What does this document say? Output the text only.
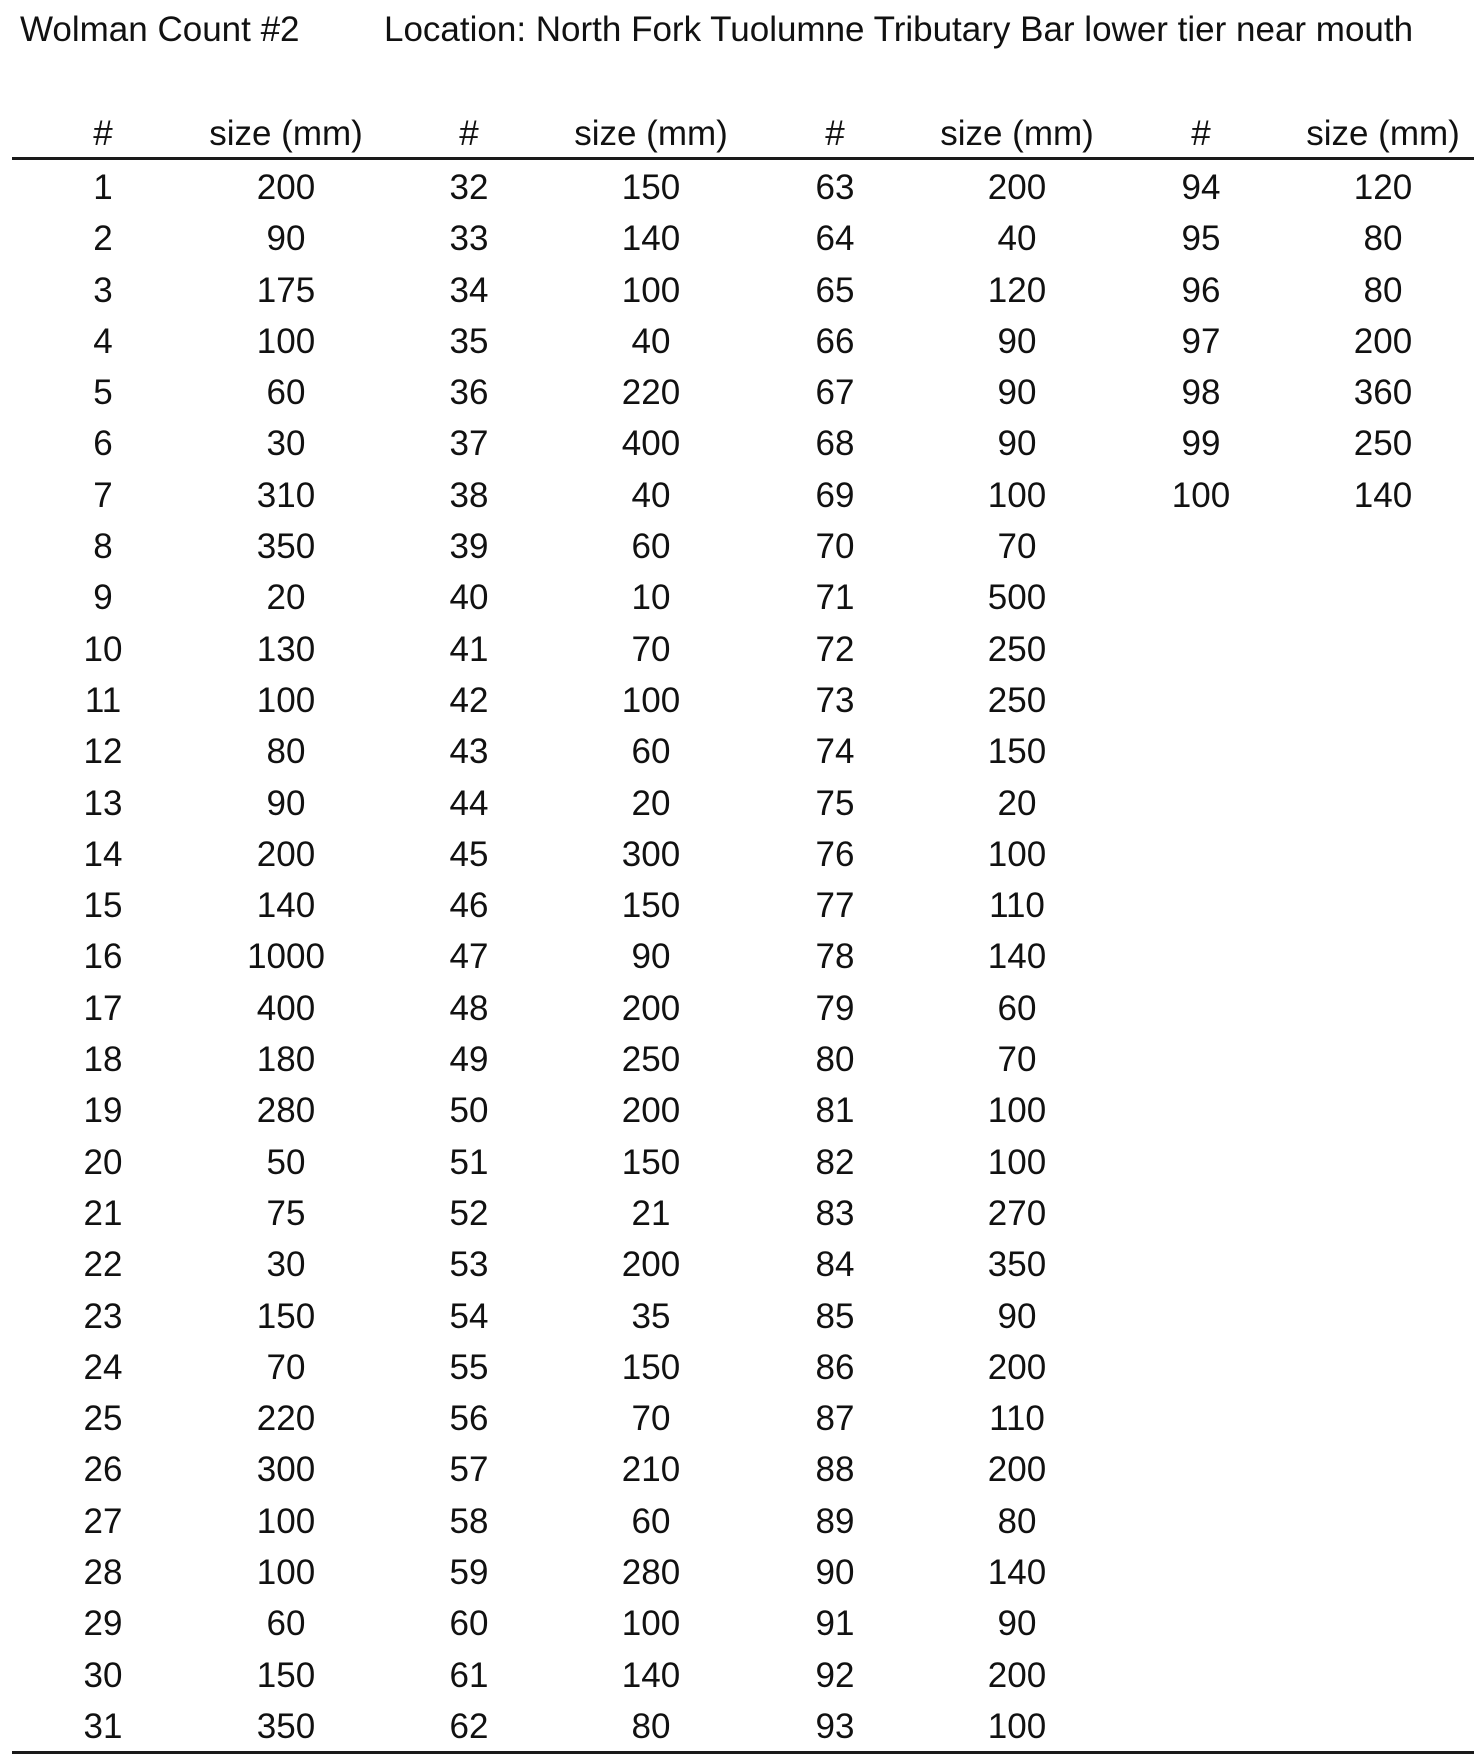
Wolman Count #2 Location: North Fork Tuolumne Tributary Bar lower tier near mouth
#
1
2
3
4
5
6
7
8
9
10
11
12
13
14
15
16
17
18
19
20
21
22
23
24
25
26
27
28
29
30
31
size (mm)
200
90
175
100
60
30
310
350
20
130
100
80
90
200
140
1000
400
180
280
50
75
30
150
70
220
300
100
100
60
150
350
#
32
33
34
35
36
37
38
39
40
41
42
43
44
45
46
47
48
49
50
51
52
53
54
55
56
57
58
59
60
61
62
size (mm)
150
140
100
40
220
400
40
60
10
70
100
60
20
300
150
90
200
250
200
150
21
200
35
150
70
210
60
280
100
140
80
#
63
64
65
66
67
68
69
70
71
72
73
74
75
76
77
78
79
80
81
82
83
84
85
86
87
88
89
90
91
92
93
size (mm)
200
40
120
90
90
90
100
70
500
250
250
150
20
100
110
140
60
70
100
100
270
350
90
200
110
200
80
140
90
200
100
#
94
95
96
97
98
99
100
size (mm)
120
80
80
200
360
250
140
